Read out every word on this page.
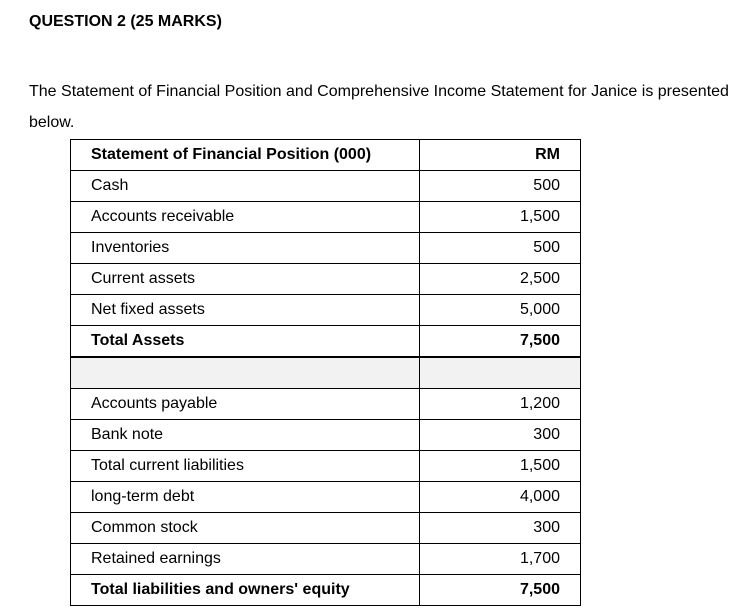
QUESTION 2 (25 MARKS)

The Statement of Financial Position and Comprehensive Income Statement for Janice is presented below.

Statement of Financial Position (000)	RM
Cash	500
Accounts receivable	1,500
Inventories	500
Current assets	2,500
Net fixed assets	5,000
Total Assets	7,500

Accounts payable	1,200
Bank note	300
Total current liabilities	1,500
long-term debt	4,000
Common stock	300
Retained earnings	1,700
Total liabilities and owners' equity	7,500
